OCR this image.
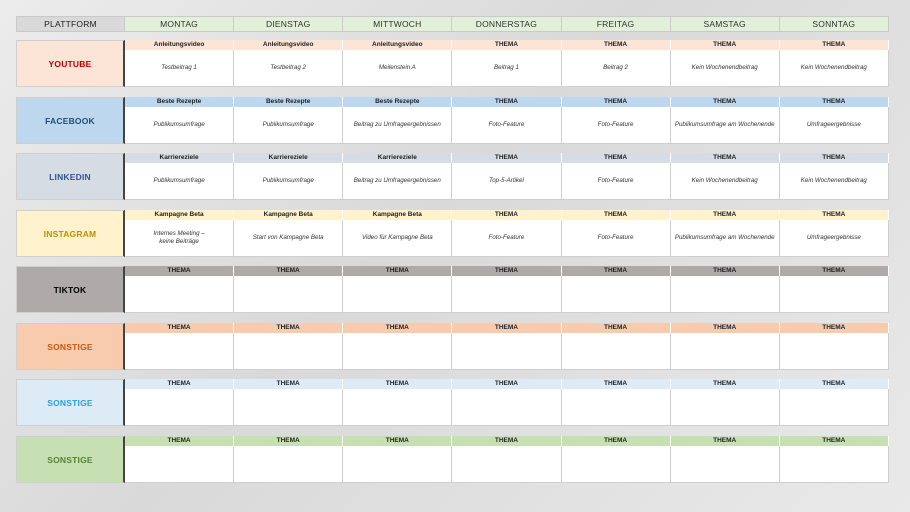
PLATTFORM	MONTAG	DIENSTAG	MITTWOCH	DONNERSTAG	FREITAG	SAMSTAG	SONNTAG
YOUTUBE
Anleitungsvideo	Anleitungsvideo	Anleitungsvideo	THEMA	THEMA	THEMA	THEMA
Testbeitrag 1	Testbeitrag 2	Meilenstein A	Beitrag 1	Beitrag 2	Kein Wochenendbeitrag	Kein Wochenendbeitrag
FACEBOOK
Beste Rezepte	Beste Rezepte	Beste Rezepte	THEMA	THEMA	THEMA	THEMA
Publikumsumfrage	Publikumsumfrage	Beitrag zu Umfrageergebnissen	Foto-Feature	Foto-Feature	Publikumsumfrage am Wochenende	Umfrageergebnisse
LINKEDIN
Karriereziele	Karriereziele	Karriereziele	THEMA	THEMA	THEMA	THEMA
Publikumsumfrage	Publikumsumfrage	Beitrag zu Umfrageergebnissen	Top-5-Artikel	Foto-Feature	Kein Wochenendbeitrag	Kein Wochenendbeitrag
INSTAGRAM
Kampagne Beta	Kampagne Beta	Kampagne Beta	THEMA	THEMA	THEMA	THEMA
Internes Meeting –
keine Beiträge
Start von Kampagne Beta	Video für Kampagne Beta	Foto-Feature	Foto-Feature	Publikumsumfrage am Wochenende	Umfrageergebnisse
TIKTOK
THEMA	THEMA	THEMA	THEMA	THEMA	THEMA	THEMA
SONSTIGE
THEMA	THEMA	THEMA	THEMA	THEMA	THEMA	THEMA
SONSTIGE
THEMA	THEMA	THEMA	THEMA	THEMA	THEMA	THEMA
SONSTIGE
THEMA	THEMA	THEMA	THEMA	THEMA	THEMA	THEMA
